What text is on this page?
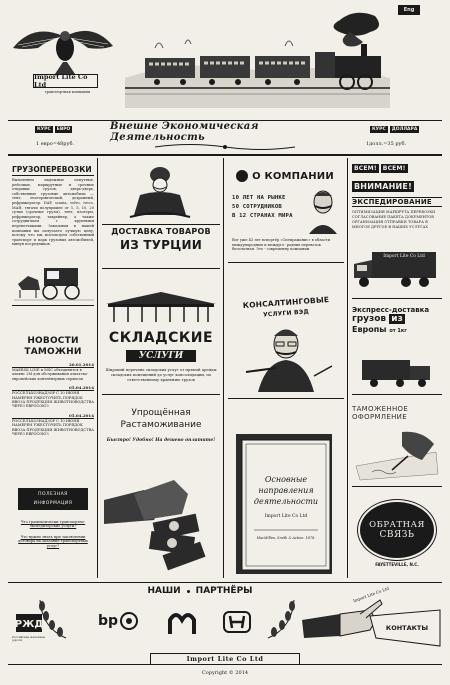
Eng
Import Lite Co Ltd
транспортная компания
КУРС	ЕВРО
1 евро=48руб.
КУРС	ДОЛЛАРА
1долл.=35 руб.
Внешне Экономическая Деятельность
ГРУЗОПЕРЕВОЗКИ
Выполняем надежные попутные, рейсовые, маршрутные и срочные отправки грузов, дверь-дверь, собственные грузовые автомобили — тент, изотермический, дохранный, рефрижератор. DAF, scania, volvo, iveco, МАН, тягачи полуприцеп от 1, 5, 10, 20 сутки (срочные грузы), тент, изотерм, рефрижератор, таврейнер, а также сотрудничаем с крупными перевозчиками. Заказывая в нашей компании вы получаете лучшую цену, потому что мы используем собственный транспорт и парк грузовых автомобилей, минуя посредников.
НОВОСТИ ТАМОЖНИ
20.01.2014
MAERSK LINE и MSC объединятся в альянс 2M для обслуживания азиатско-европейских контейнерных сервисов
05.04.2014
РОССЕЛЬХОЗНАДЗОР С 10 ИЮНЯ НАМЕРЕН УЖЕСТОЧИТЬ ПОРЯДОК ВВОЗА ПРОДУКЦИИ ЖИВОТНОВОДСТВА ЧЕРЕЗ ЕВРОСОЮЗ
05.04.2014
РОССЕЛЬХОЗНАДЗОР С 10 ИЮНЯ НАМЕРЕН УЖЕСТОЧИТЬ ПОРЯДОК ВВОЗА ПРОДУКЦИИ ЖИВОТНОВОДСТВА ЧЕРЕЗ ЕВРОСОЮЗ
ПОЛЕЗНАЯ ИНФОРМАЦИЯ
Что грамматически транспортно-экспедиторские услуги?
Что нужно знать при заключении договора на оказание транспортных услуг?
ДОСТАВКА ТОВАРОВ
ИЗ ТУРЦИИ
СКЛАДСКИЕ
УСЛУГИ
Широкий перечень складских услуг от прямой аренды складских помещений до услуг консолидации, по ответственному хранению грузов
Упрощённая
Растаможивание
Быстро! Удобно! На дешево оплатите!
О КОМПАНИИ
10 ЛЕТ НА РЫНКЕ
50 СОТРУДНИКОВ
В 12 СТРАНАХ МИРА
Вот уже 43 лет вспортёр «Спепраманис» в области международных и междуго- родних перевозок бесплатная. Это - современну компании.
КОНСАЛТИНГОВЫЕ
УСЛУГИ ВЭД
Основные
направления
деятельности
Import Lite Co Ltd
MacMillan, Smith & Action. 1878.
ВСЕМ!	ВСЕМ!
ВНИМАНИЕ!
ЭКСПЕДИРОВАНИЕ
ОПТИМИЗАЦИЯ МАРШРУТА ПЕРЕВОЗКИ СОГЛАСОВАНИЕ ПАКЕТА ДОКУМЕНТОВ ОРГАНИЗАЦИЯ ОТПРАВКИ ТОВАРА В МНОГОЕ ДРУГОЕ В НАШИХ УСЛУГАХ
Import Lite Co Ltd
Экспресс-доставка
грузов из
Европы от 1кг
ТАМОЖЕННОЕ
ОФОРМЛЕНИЕ
ОБРАТНАЯ
СВЯЗЬ
FAYETTEVILLE, N.C.
НАШИ ПАРТНЁРЫ
РЖД
Российские железные дороги
bp
Import Lite Co Ltd
КОНТАКТЫ
Import Lite Co Ltd
Copyright © 2014
